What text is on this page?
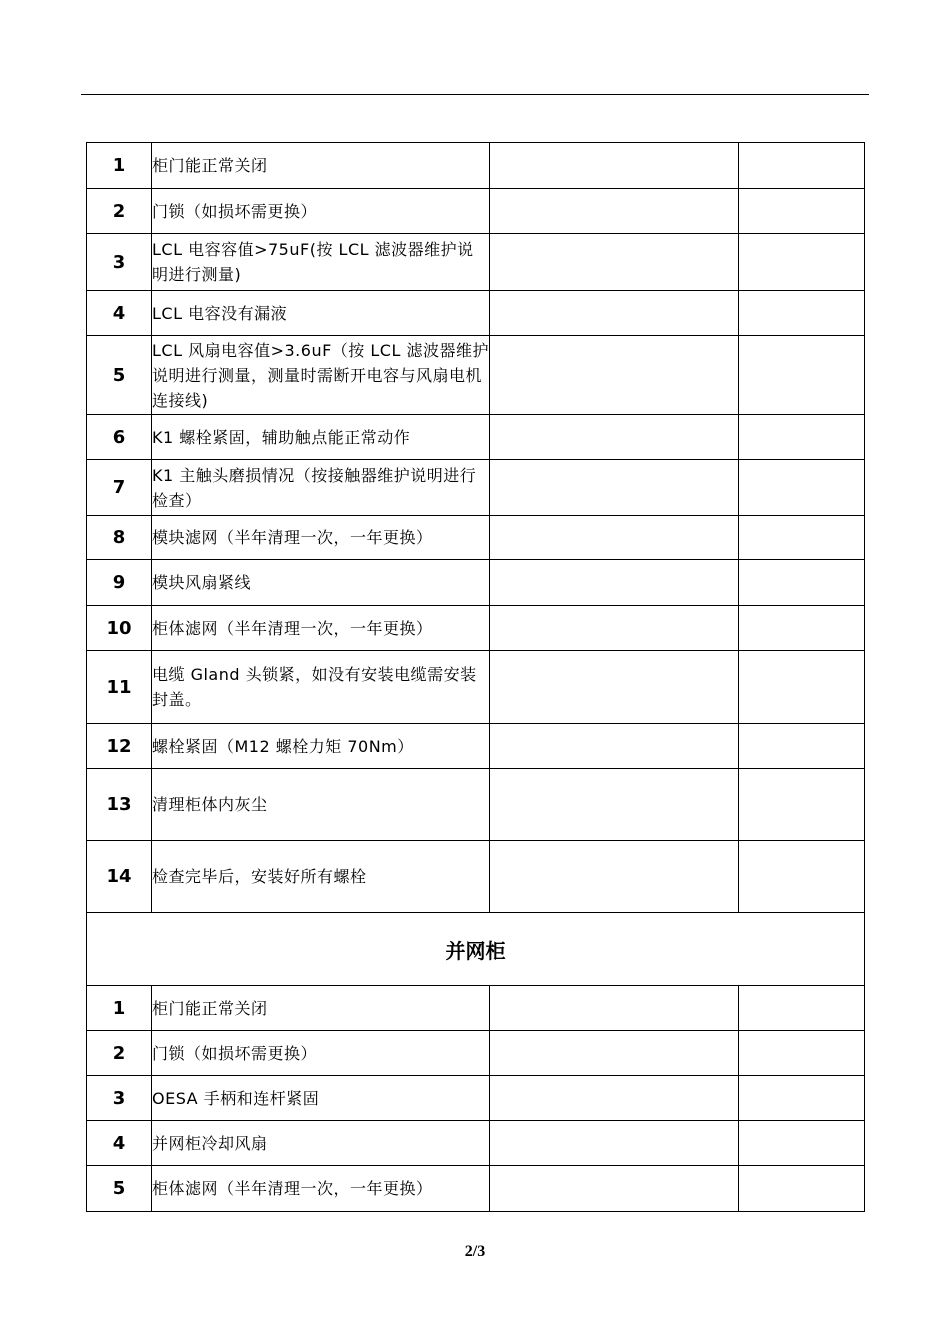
1	柜门能正常关闭		
2	门锁（如损坏需更换）		
3	LCL 电容容值>75uF(按 LCL 滤波器维护说明进行测量)		
4	LCL 电容没有漏液		
5	LCL 风扇电容值>3.6uF（按 LCL 滤波器维护说明进行测量，测量时需断开电容与风扇电机连接线)		
6	K1 螺栓紧固，辅助触点能正常动作		
7	K1 主触头磨损情况（按接触器维护说明进行检查）		
8	模块滤网（半年清理一次，一年更换）		
9	模块风扇紧线		
10	柜体滤网（半年清理一次，一年更换）		
11	电缆 Gland 头锁紧，如没有安装电缆需安装封盖。		
12	螺栓紧固（M12 螺栓力矩 70Nm）		
13	清理柜体内灰尘		
14	检查完毕后，安装好所有螺栓		
并网柜			
1	柜门能正常关闭		
2	门锁（如损坏需更换）		
3	OESA 手柄和连杆紧固		
4	并网柜冷却风扇		
5	柜体滤网（半年清理一次，一年更换）		
2/3
